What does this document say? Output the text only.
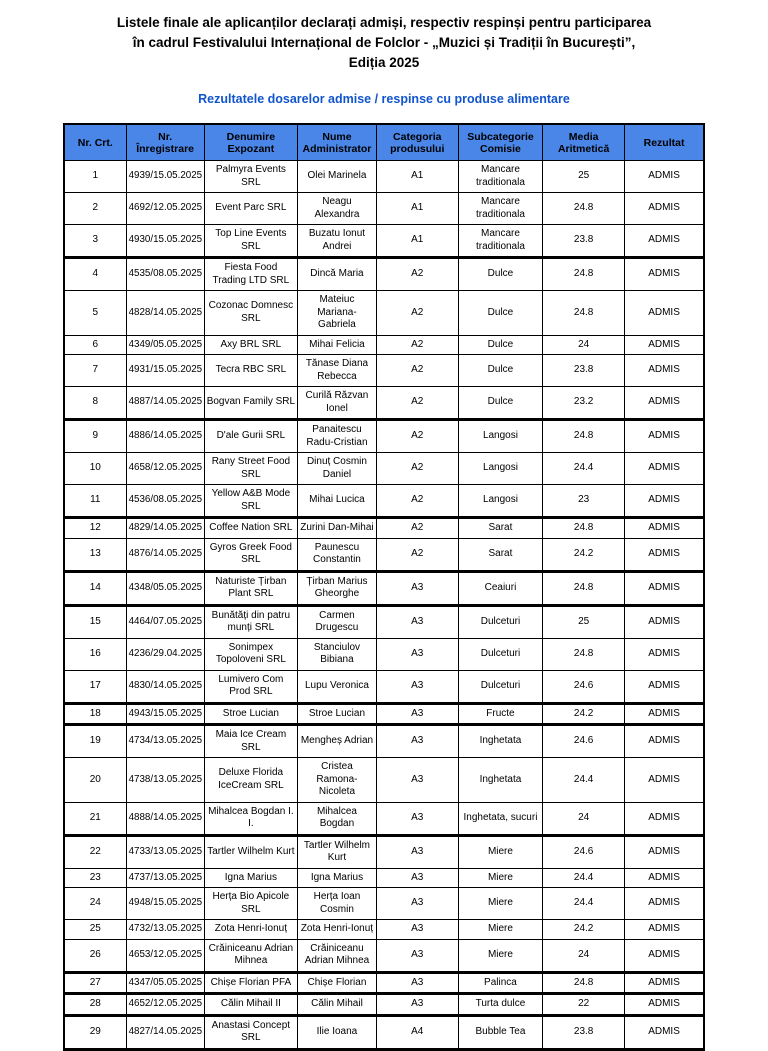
Listele finale ale aplicanților declarați admiși, respectiv respinși pentru participarea
în cadrul Festivalului Internațional de Folclor - „Muzici și Tradiții în București”,
Ediția 2025
Rezultatele dosarelor admise / respinse cu produse alimentare
Nr. Crt.	Nr. Înregistrare	Denumire Expozant	Nume Administrator	Categoria produsului	Subcategorie Comisie	Media Aritmetică	Rezultat
1	4939/15.05.2025	Palmyra Events SRL	Olei Marinela	A1	Mancare traditionala	25	ADMIS
2	4692/12.05.2025	Event Parc SRL	Neagu Alexandra	A1	Mancare traditionala	24.8	ADMIS
3	4930/15.05.2025	Top Line Events SRL	Buzatu Ionut Andrei	A1	Mancare traditionala	23.8	ADMIS
4	4535/08.05.2025	Fiesta Food Trading LTD SRL	Dincă Maria	A2	Dulce	24.8	ADMIS
5	4828/14.05.2025	Cozonac Domnesc SRL	Mateiuc Mariana-Gabriela	A2	Dulce	24.8	ADMIS
6	4349/05.05.2025	Axy BRL SRL	Mihai Felicia	A2	Dulce	24	ADMIS
7	4931/15.05.2025	Tecra RBC SRL	Tănase Diana Rebecca	A2	Dulce	23.8	ADMIS
8	4887/14.05.2025	Bogvan Family SRL	Curilă Răzvan Ionel	A2	Dulce	23.2	ADMIS
9	4886/14.05.2025	D'ale Gurii SRL	Panaitescu Radu-Cristian	A2	Langosi	24.8	ADMIS
10	4658/12.05.2025	Rany Street Food SRL	Dinuț Cosmin Daniel	A2	Langosi	24.4	ADMIS
11	4536/08.05.2025	Yellow A&B Mode SRL	Mihai Lucica	A2	Langosi	23	ADMIS
12	4829/14.05.2025	Coffee Nation SRL	Zurini Dan-Mihai	A2	Sarat	24.8	ADMIS
13	4876/14.05.2025	Gyros Greek Food SRL	Paunescu Constantin	A2	Sarat	24.2	ADMIS
14	4348/05.05.2025	Naturiste Țirban Plant SRL	Țirban Marius Gheorghe	A3	Ceaiuri	24.8	ADMIS
15	4464/07.05.2025	Bunătăți din patru munți SRL	Carmen Drugescu	A3	Dulceturi	25	ADMIS
16	4236/29.04.2025	Sonimpex Topoloveni SRL	Stanciulov Bibiana	A3	Dulceturi	24.8	ADMIS
17	4830/14.05.2025	Lumivero Com Prod SRL	Lupu Veronica	A3	Dulceturi	24.6	ADMIS
18	4943/15.05.2025	Stroe Lucian	Stroe Lucian	A3	Fructe	24.2	ADMIS
19	4734/13.05.2025	Maia Ice Cream SRL	Mengheș Adrian	A3	Inghetata	24.6	ADMIS
20	4738/13.05.2025	Deluxe Florida IceCream SRL	Cristea Ramona-Nicoleta	A3	Inghetata	24.4	ADMIS
21	4888/14.05.2025	Mihalcea Bogdan I. I.	Mihalcea Bogdan	A3	Inghetata, sucuri	24	ADMIS
22	4733/13.05.2025	Tartler Wilhelm Kurt	Tartler Wilhelm Kurt	A3	Miere	24.6	ADMIS
23	4737/13.05.2025	Igna Marius	Igna Marius	A3	Miere	24.4	ADMIS
24	4948/15.05.2025	Herța Bio Apicole SRL	Herța Ioan Cosmin	A3	Miere	24.4	ADMIS
25	4732/13.05.2025	Zota Henri-Ionuț	Zota Henri-Ionuț	A3	Miere	24.2	ADMIS
26	4653/12.05.2025	Crăiniceanu Adrian Mihnea	Crăiniceanu Adrian Mihnea	A3	Miere	24	ADMIS
27	4347/05.05.2025	Chișe Florian PFA	Chișe Florian	A3	Palinca	24.8	ADMIS
28	4652/12.05.2025	Călin Mihail II	Călin Mihail	A3	Turta dulce	22	ADMIS
29	4827/14.05.2025	Anastasi Concept SRL	Ilie Ioana	A4	Bubble Tea	23.8	ADMIS
